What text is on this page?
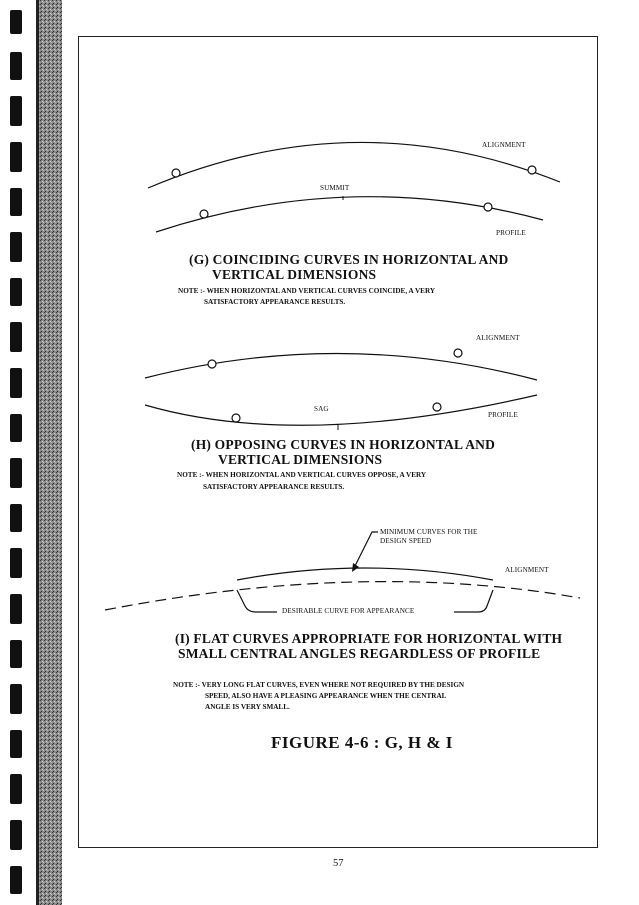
ALIGNMENT
SUMMIT
PROFILE
(G) COINCIDING CURVES IN HORIZONTAL AND
VERTICAL DIMENSIONS
NOTE :- WHEN HORIZONTAL AND VERTICAL CURVES COINCIDE, A VERY
SATISFACTORY APPEARANCE RESULTS.
ALIGNMENT
SAG
PROFILE
(H) OPPOSING CURVES IN HORIZONTAL AND
VERTICAL DIMENSIONS
NOTE :- WHEN HORIZONTAL AND VERTICAL CURVES OPPOSE, A VERY
SATISFACTORY APPEARANCE RESULTS.
MINIMUM CURVES FOR THE
DESIGN SPEED
ALIGNMENT
DESIRABLE CURVE FOR APPEARANCE
(I) FLAT CURVES APPROPRIATE FOR HORIZONTAL WITH
SMALL CENTRAL ANGLES REGARDLESS OF PROFILE
NOTE :- VERY LONG FLAT CURVES, EVEN WHERE NOT REQUIRED BY THE DESIGN
SPEED, ALSO HAVE A PLEASING APPEARANCE WHEN THE CENTRAL
ANGLE IS VERY SMALL.
FIGURE 4-6 : G, H & I
57
